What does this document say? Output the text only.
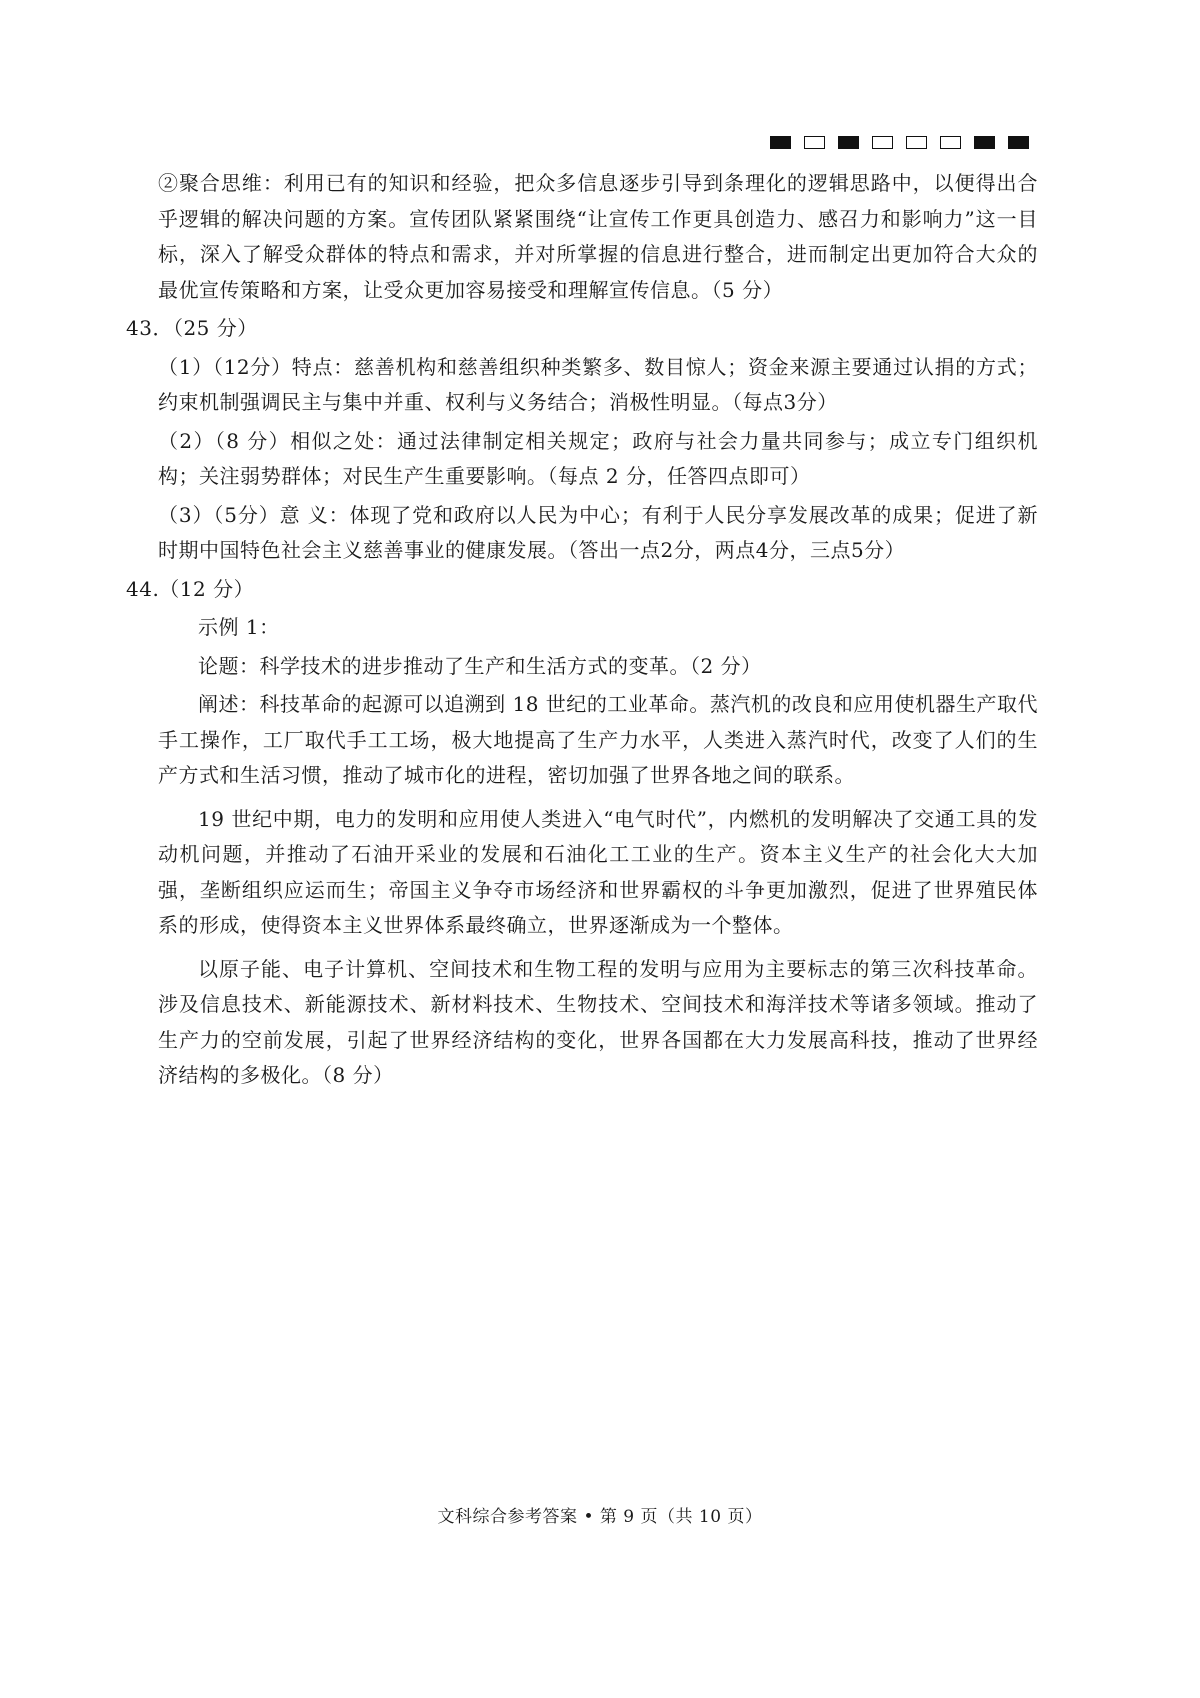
②聚合思维：利用已有的知识和经验，把众多信息逐步引导到条理化的逻辑思路中，以便得出合乎逻辑的解决问题的方案。宣传团队紧紧围绕“让宣传工作更具创造力、感召力和影响力”这一目标，深入了解受众群体的特点和需求，并对所掌握的信息进行整合，进而制定出更加符合大众的最优宣传策略和方案，让受众更加容易接受和理解宣传信息。（5 分）
43．（25 分）
（1）（12分）特点：慈善机构和慈善组织种类繁多、数目惊人；资金来源主要通过认捐的方式；约束机制强调民主与集中并重、权利与义务结合；消极性明显。（每点3分）
（2）（8 分）相似之处：通过法律制定相关规定；政府与社会力量共同参与；成立专门组织机构；关注弱势群体；对民生产生重要影响。（每点 2 分，任答四点即可）
（3）（5分）意 义：体现了党和政府以人民为中心；有利于人民分享发展改革的成果；促进了新时期中国特色社会主义慈善事业的健康发展。（答出一点2分，两点4分，三点5分）
44.（12 分）
示例 1：
论题：科学技术的进步推动了生产和生活方式的变革。（2 分）
阐述：科技革命的起源可以追溯到 18 世纪的工业革命。蒸汽机的改良和应用使机器生产取代手工操作，工厂取代手工工场，极大地提高了生产力水平，人类进入蒸汽时代，改变了人们的生产方式和生活习惯，推动了城市化的进程，密切加强了世界各地之间的联系。
19 世纪中期，电力的发明和应用使人类进入“电气时代”，内燃机的发明解决了交通工具的发动机问题，并推动了石油开采业的发展和石油化工工业的生产。资本主义生产的社会化大大加强，垄断组织应运而生；帝国主义争夺市场经济和世界霸权的斗争更加激烈，促进了世界殖民体系的形成，使得资本主义世界体系最终确立，世界逐渐成为一个整体。
以原子能、电子计算机、空间技术和生物工程的发明与应用为主要标志的第三次科技革命。涉及信息技术、新能源技术、新材料技术、生物技术、空间技术和海洋技术等诸多领域。推动了生产力的空前发展，引起了世界经济结构的变化，世界各国都在大力发展高科技，推动了世界经济结构的多极化。（8 分）
文科综合参考答案 • 第 9 页（共 10 页）
